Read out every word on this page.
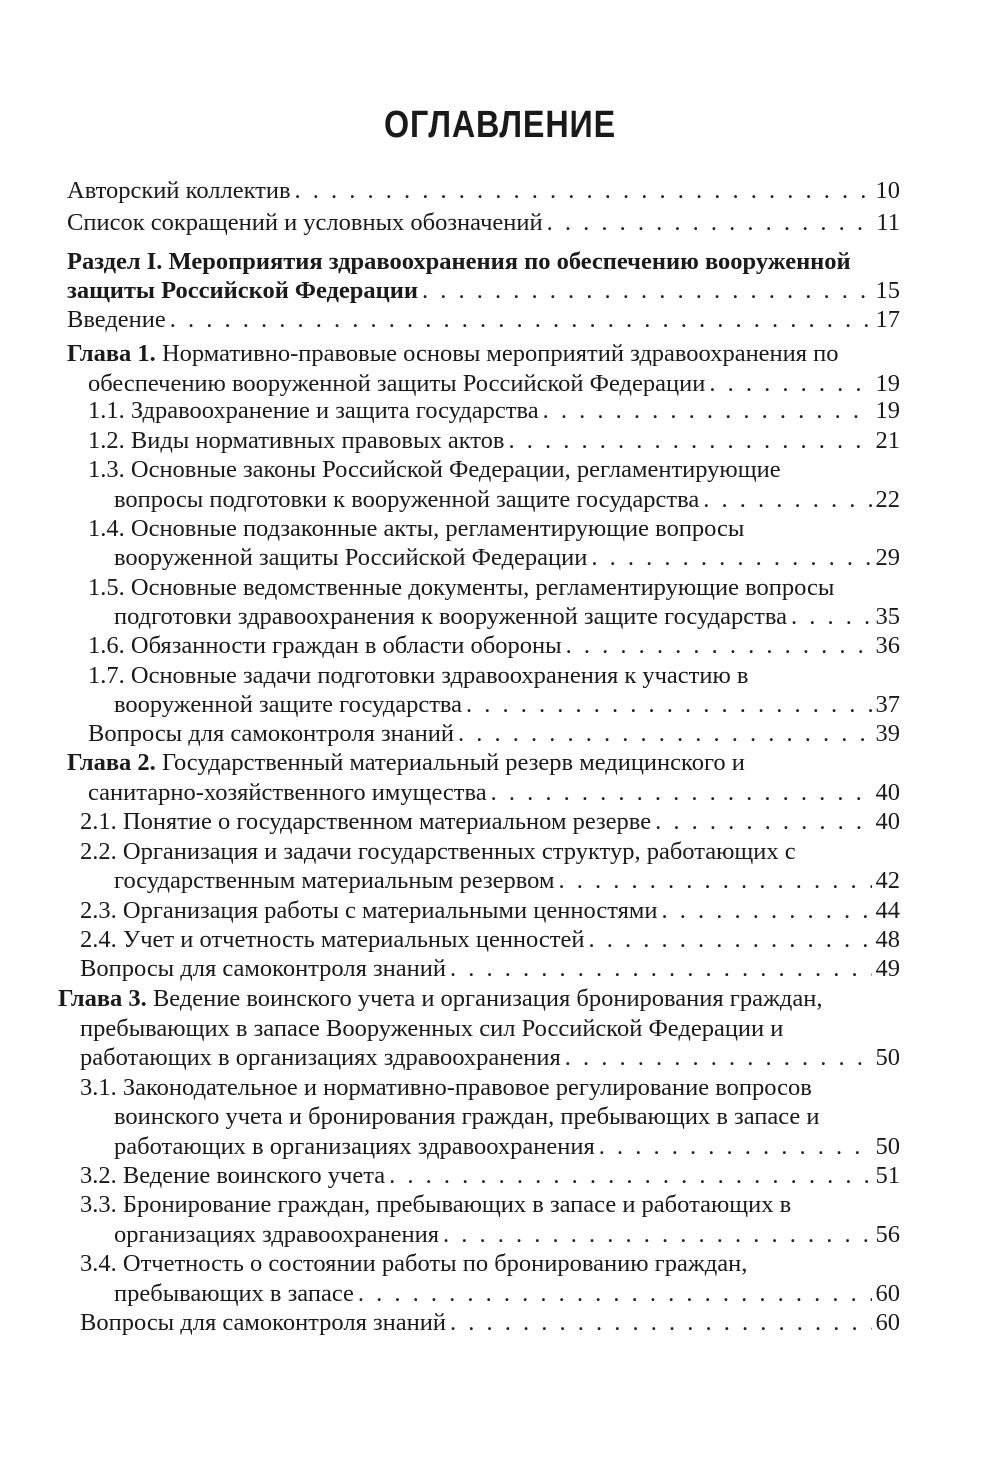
ОГЛАВЛЕНИЕ
Авторский коллектив . . .	10
Список сокращений и условных обозначений . . .	11
Раздел I. Мероприятия здравоохранения по обеспечению вооруженной
защиты Российской Федерации . . .	15
Введение . . .	17
Глава 1. Нормативно-правовые основы мероприятий здравоохранения по
обеспечению вооруженной защиты Российской Федерации . . .	19
1.1. Здравоохранение и защита государства . . .	19
1.2. Виды нормативных правовых актов . . .	21
1.3. Основные законы Российской Федерации, регламентирующие
вопросы подготовки к вооруженной защите государства . . .	22
1.4. Основные подзаконные акты, регламентирующие вопросы
вооруженной защиты Российской Федерации . . .	29
1.5. Основные ведомственные документы, регламентирующие вопросы
подготовки здравоохранения к вооруженной защите государства . . .	35
1.6. Обязанности граждан в области обороны . . .	36
1.7. Основные задачи подготовки здравоохранения к участию в
вооруженной защите государства . . .	37
Вопросы для самоконтроля знаний . . .	39
Глава 2. Государственный материальный резерв медицинского и
санитарно-хозяйственного имущества . . .	40
2.1. Понятие о государственном материальном резерве . . .	40
2.2. Организация и задачи государственных структур, работающих с
государственным материальным резервом . . .	42
2.3. Организация работы с материальными ценностями . . .	44
2.4. Учет и отчетность материальных ценностей . . .	48
Вопросы для самоконтроля знаний . . .	49
Глава 3. Ведение воинского учета и организация бронирования граждан,
пребывающих в запасе Вооруженных сил Российской Федерации и
работающих в организациях здравоохранения . . .	50
3.1. Законодательное и нормативно-правовое регулирование вопросов
воинского учета и бронирования граждан, пребывающих в запасе и
работающих в организациях здравоохранения . . .	50
3.2. Ведение воинского учета . . .	51
3.3. Бронирование граждан, пребывающих в запасе и работающих в
организациях здравоохранения . . .	56
3.4. Отчетность о состоянии работы по бронированию граждан,
пребывающих в запасе . . .	60
Вопросы для самоконтроля знаний . . .	60
